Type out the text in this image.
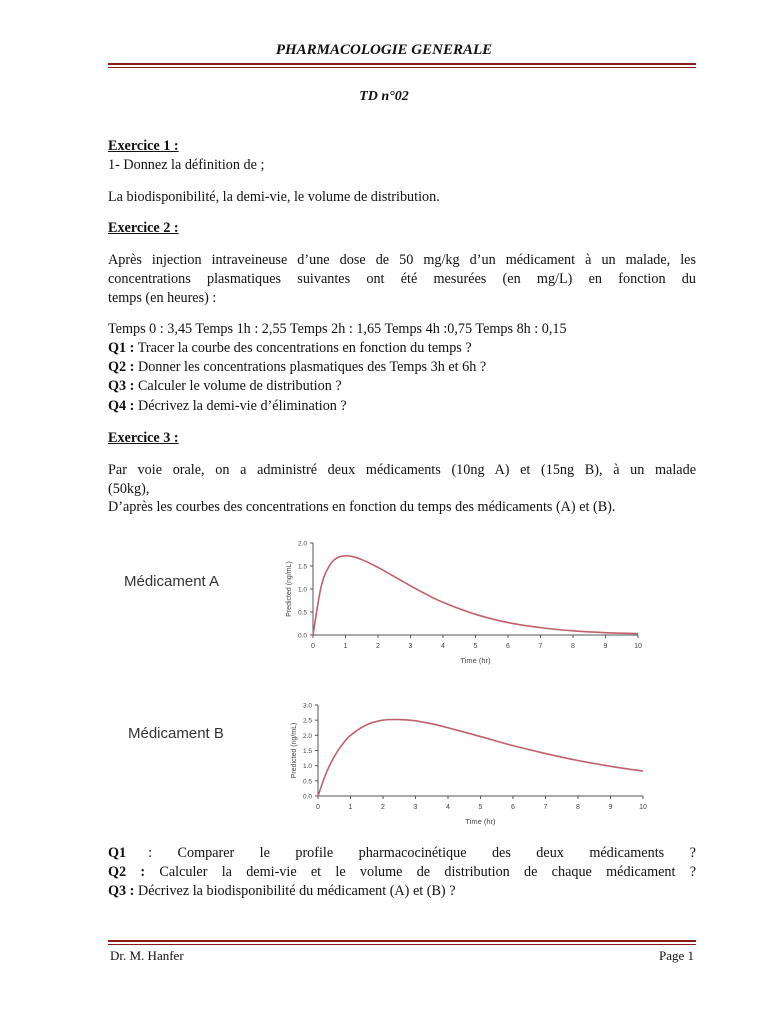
PHARMACOLOGIE GENERALE
TD n°02
Exercice 1 :
1- Donnez la définition de ;
La biodisponibilité, la demi-vie, le volume de distribution.
Exercice 2 :
Après injection intraveineuse d’une dose de 50 mg/kg d’un médicament à un malade, les
concentrations plasmatiques suivantes ont été mesurées (en mg/L) en fonction du
temps (en heures) :
Temps 0 : 3,45 Temps 1h : 2,55 Temps 2h : 1,65 Temps 4h :0,75 Temps 8h : 0,15
Q1 : Tracer la courbe des concentrations en fonction du temps ?
Q2 : Donner les concentrations plasmatiques des Temps 3h et 6h ?
Q3 : Calculer le volume de distribution ?
Q4 : Décrivez la demi-vie d’élimination ?
Exercice 3 :
Par voie orale, on a administré deux médicaments (10ng A) et (15ng B), à un malade
(50kg),
D’après les courbes des concentrations en fonction du temps des médicaments (A) et (B).
Médicament A
0.0
0.5
1.0
1.5
2.0
0	1	2	3	4	5	6	7	8	9	10
Time (hr)
Predicted (ng/mL)
Médicament B
0.0
0.5
1.0
1.5
2.0
2.5
3.0
0	1	2	3	4	5	6	7	8	9	10
Time (hr)
Predicted (ng/mL)
Q1 : Comparer le profile pharmacocinétique des deux médicaments ?
Q2 : Calculer la demi-vie et le volume de distribution de chaque médicament ?
Q3 : Décrivez la biodisponibilité du médicament (A) et (B) ?
Dr. M. Hanfer	Page 1
